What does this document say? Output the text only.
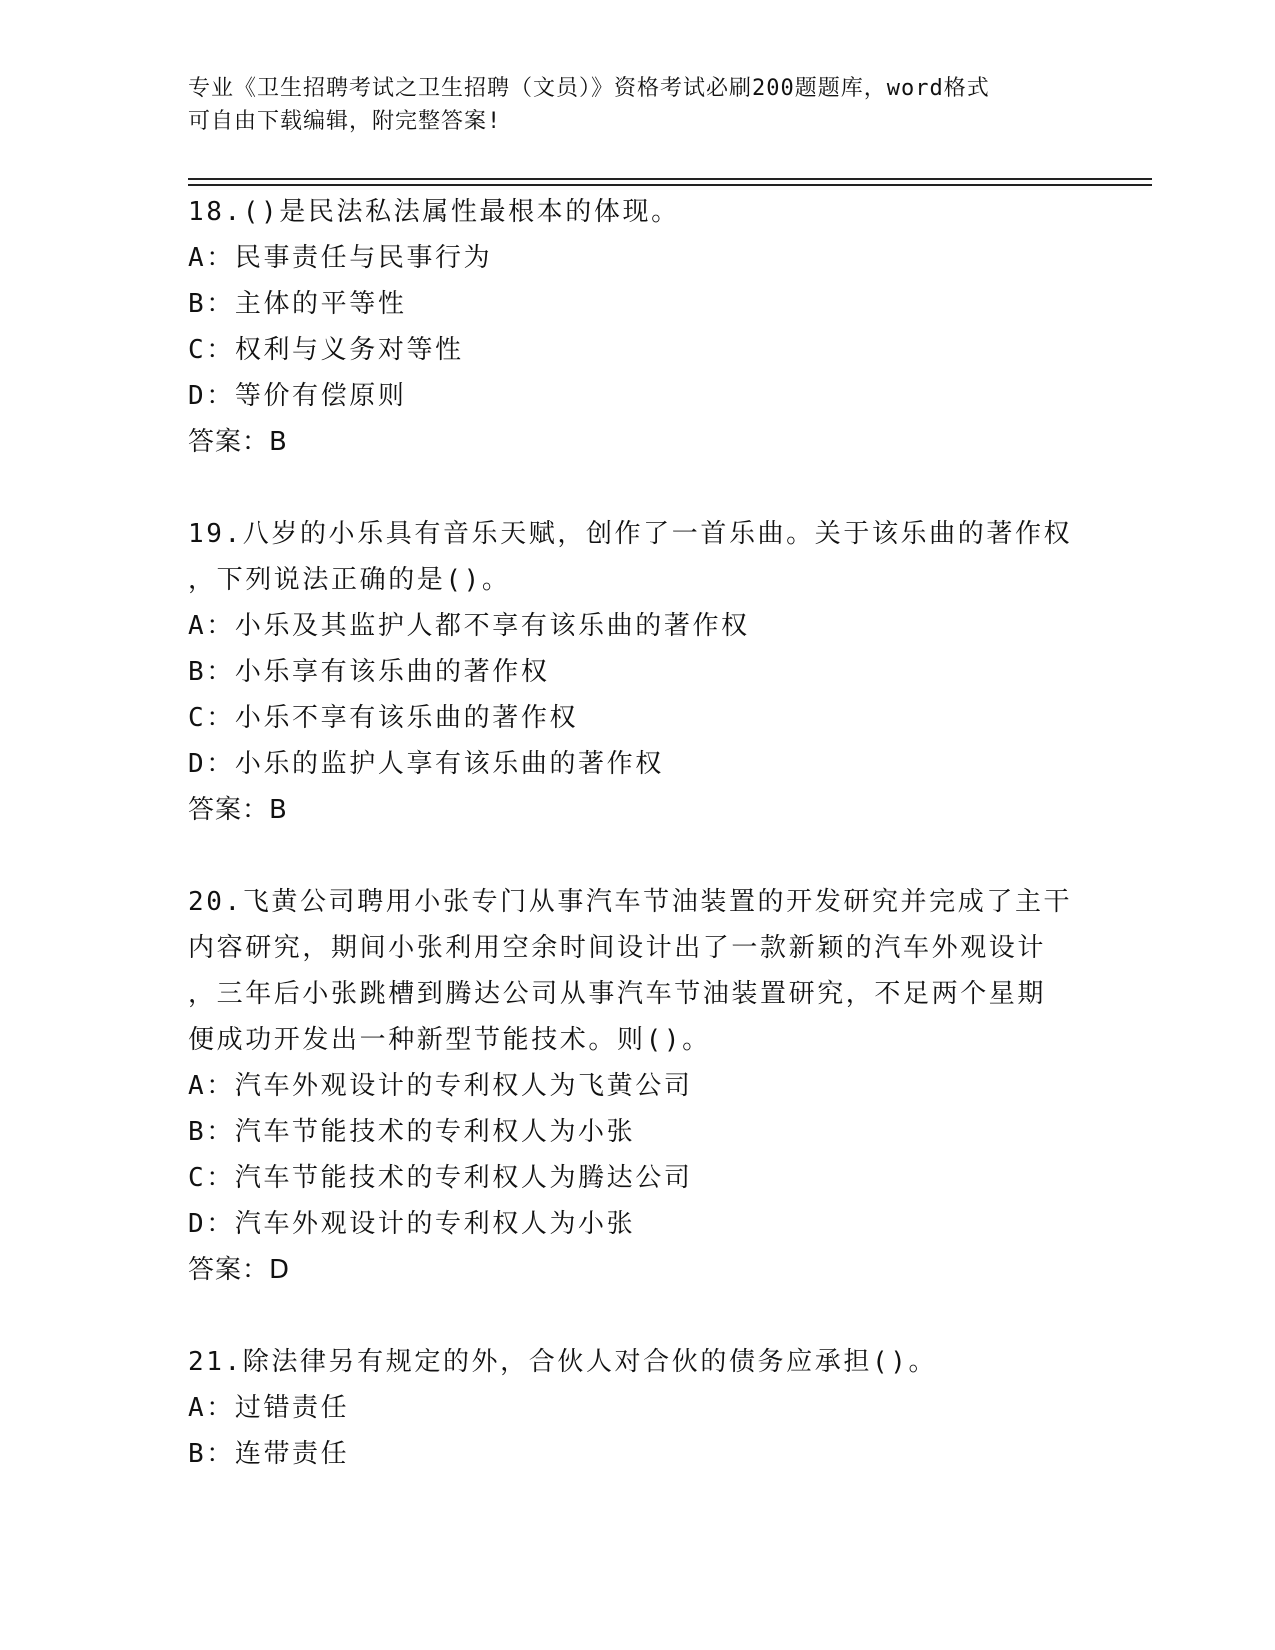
专业《卫生招聘考试之卫生招聘（文员）》资格考试必刷200题题库，word格式
可自由下载编辑，附完整答案!
18.()是民法私法属性最根本的体现。
A：民事责任与民事行为
B：主体的平等性
C：权利与义务对等性
D：等价有偿原则
答案：B
19.八岁的小乐具有音乐天赋，创作了一首乐曲。关于该乐曲的著作权
，下列说法正确的是()。
A：小乐及其监护人都不享有该乐曲的著作权
B：小乐享有该乐曲的著作权
C：小乐不享有该乐曲的著作权
D：小乐的监护人享有该乐曲的著作权
答案：B
20.飞黄公司聘用小张专门从事汽车节油装置的开发研究并完成了主干
内容研究，期间小张利用空余时间设计出了一款新颖的汽车外观设计
，三年后小张跳槽到腾达公司从事汽车节油装置研究，不足两个星期
便成功开发出一种新型节能技术。则()。
A：汽车外观设计的专利权人为飞黄公司
B：汽车节能技术的专利权人为小张
C：汽车节能技术的专利权人为腾达公司
D：汽车外观设计的专利权人为小张
答案：D
21.除法律另有规定的外，合伙人对合伙的债务应承担()。
A：过错责任
B：连带责任
